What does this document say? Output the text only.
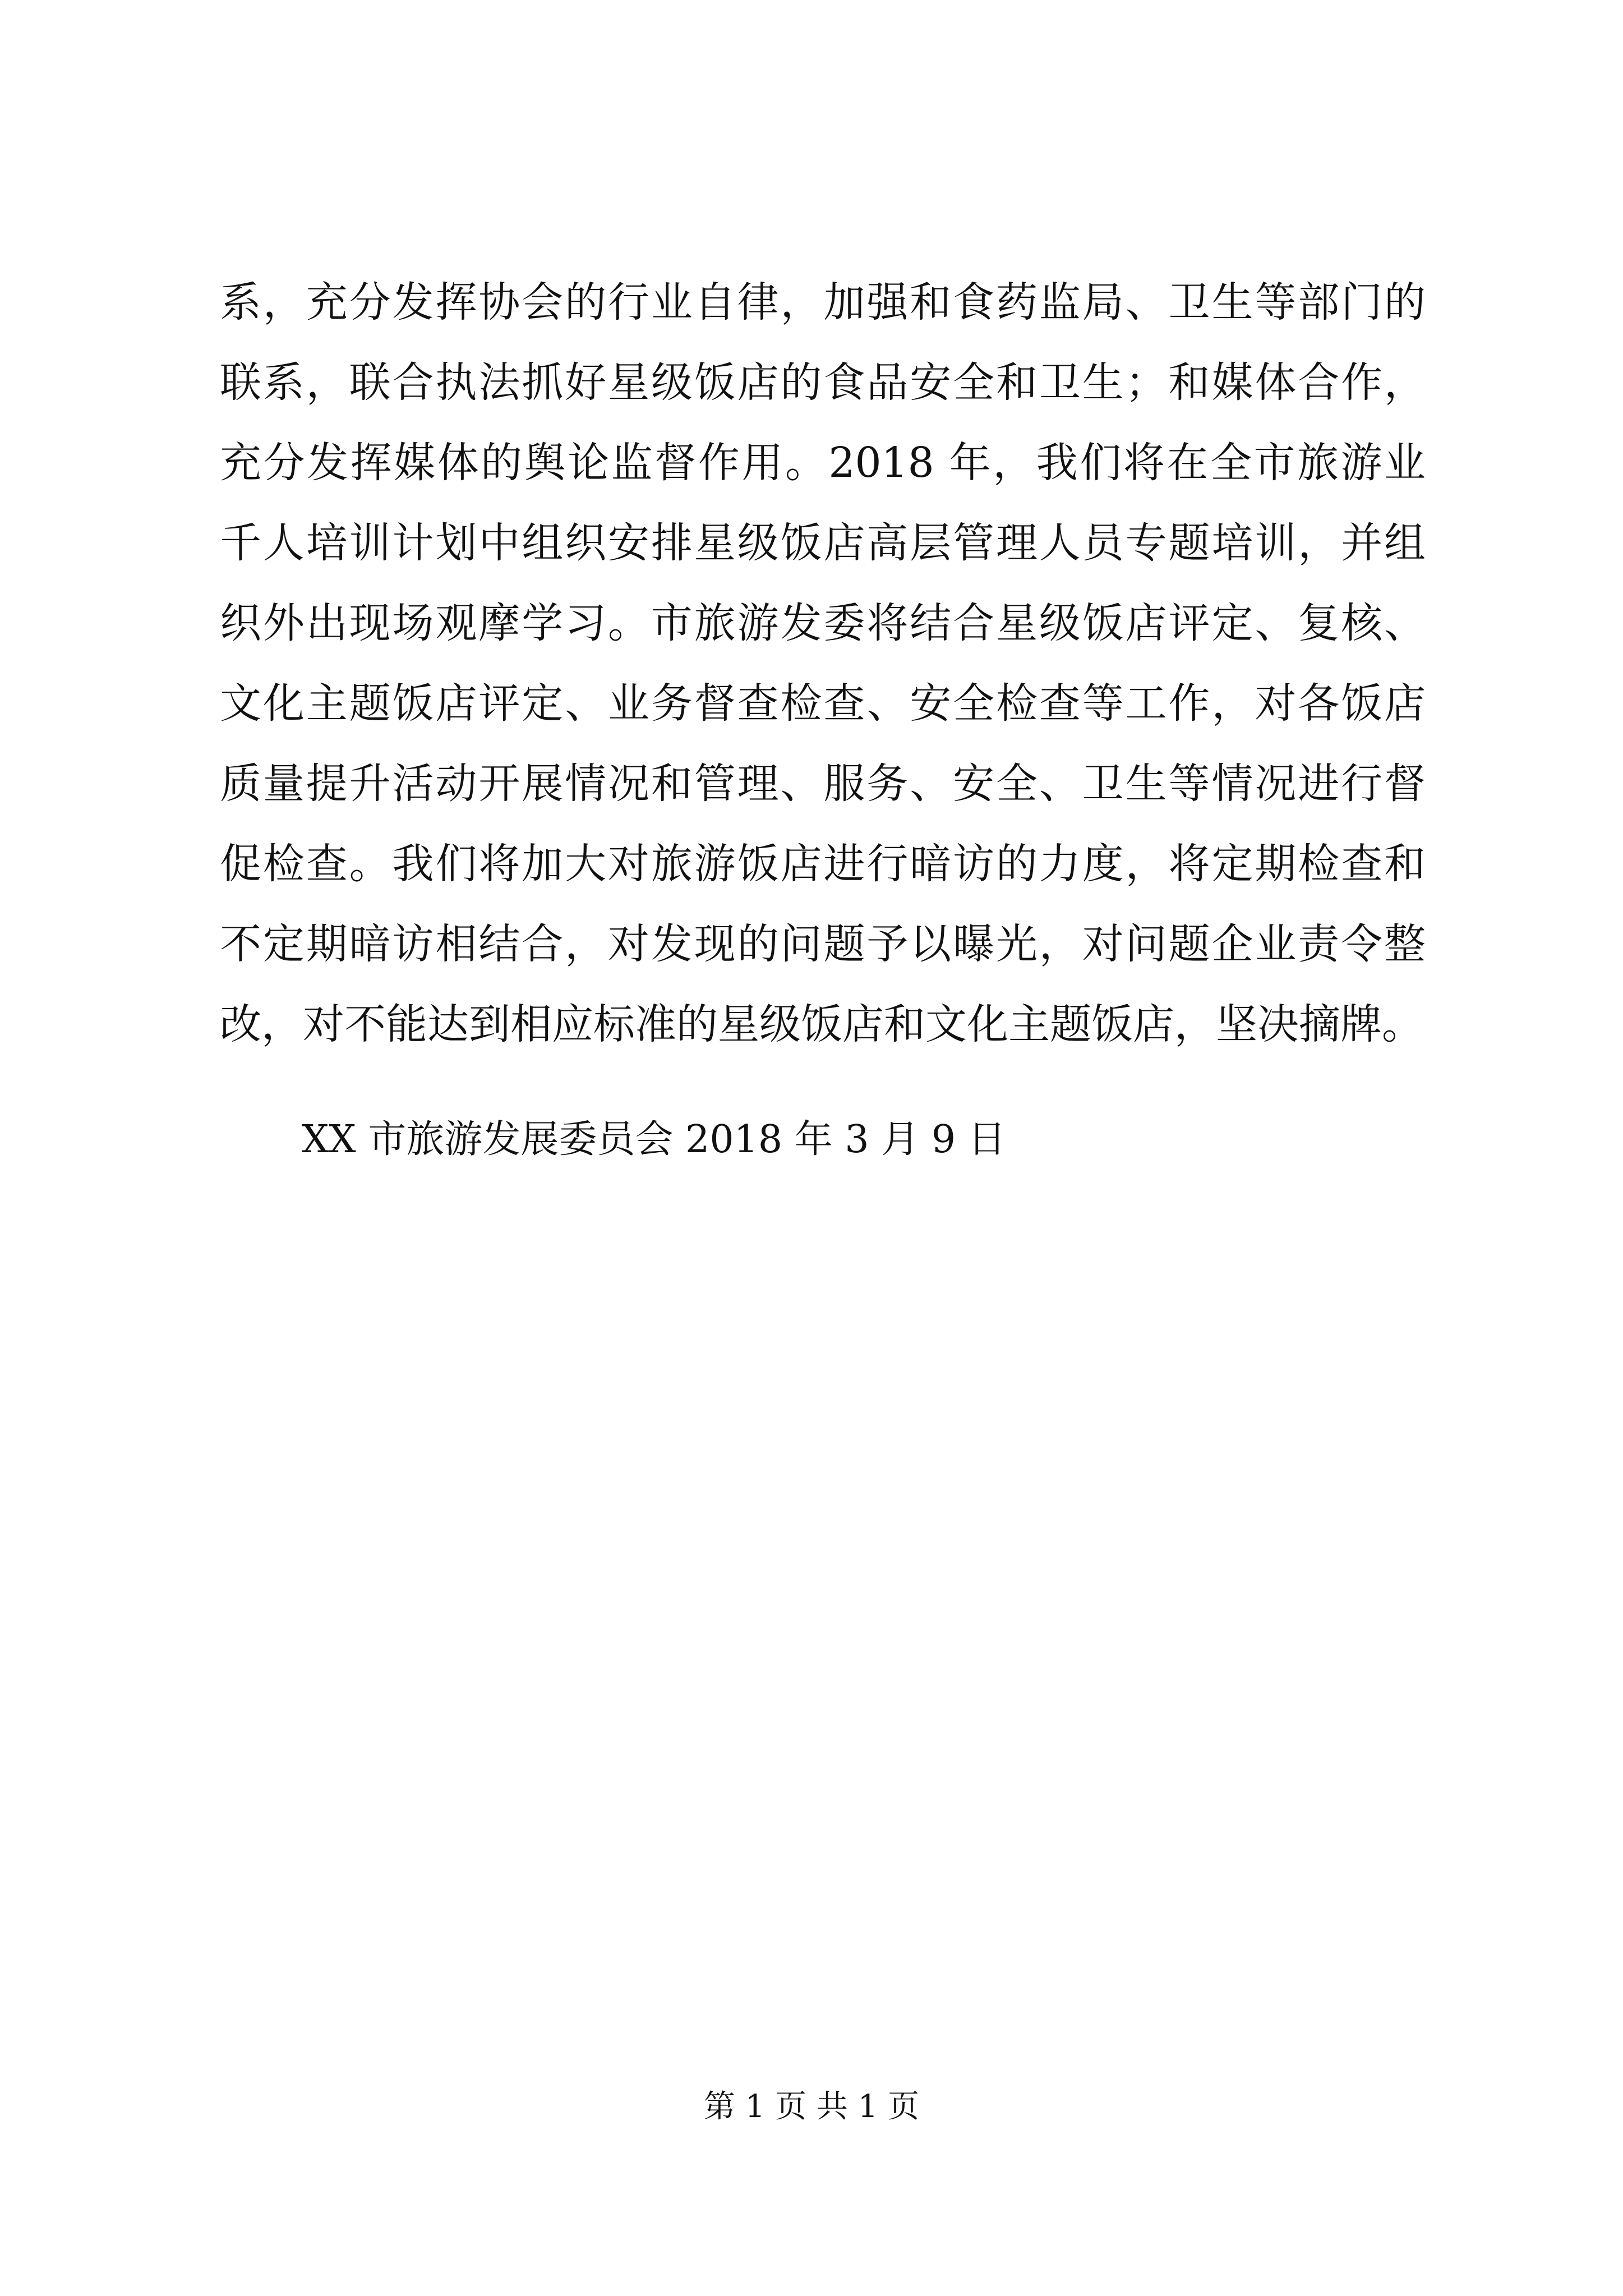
系，充分发挥协会的行业自律，加强和食药监局、卫生等部门的
联系，联合执法抓好星级饭店的食品安全和卫生；和媒体合作，
充分发挥媒体的舆论监督作用。2018 年，我们将在全市旅游业
千人培训计划中组织安排星级饭店高层管理人员专题培训，并组
织外出现场观摩学习。市旅游发委将结合星级饭店评定、复核、
文化主题饭店评定、业务督查检查、安全检查等工作，对各饭店
质量提升活动开展情况和管理、服务、安全、卫生等情况进行督
促检查。我们将加大对旅游饭店进行暗访的力度，将定期检查和
不定期暗访相结合，对发现的问题予以曝光，对问题企业责令整
改，对不能达到相应标准的星级饭店和文化主题饭店，坚决摘牌。
XX 市旅游发展委员会 2018 年 3 月 9 日
第 1 页 共 1 页
